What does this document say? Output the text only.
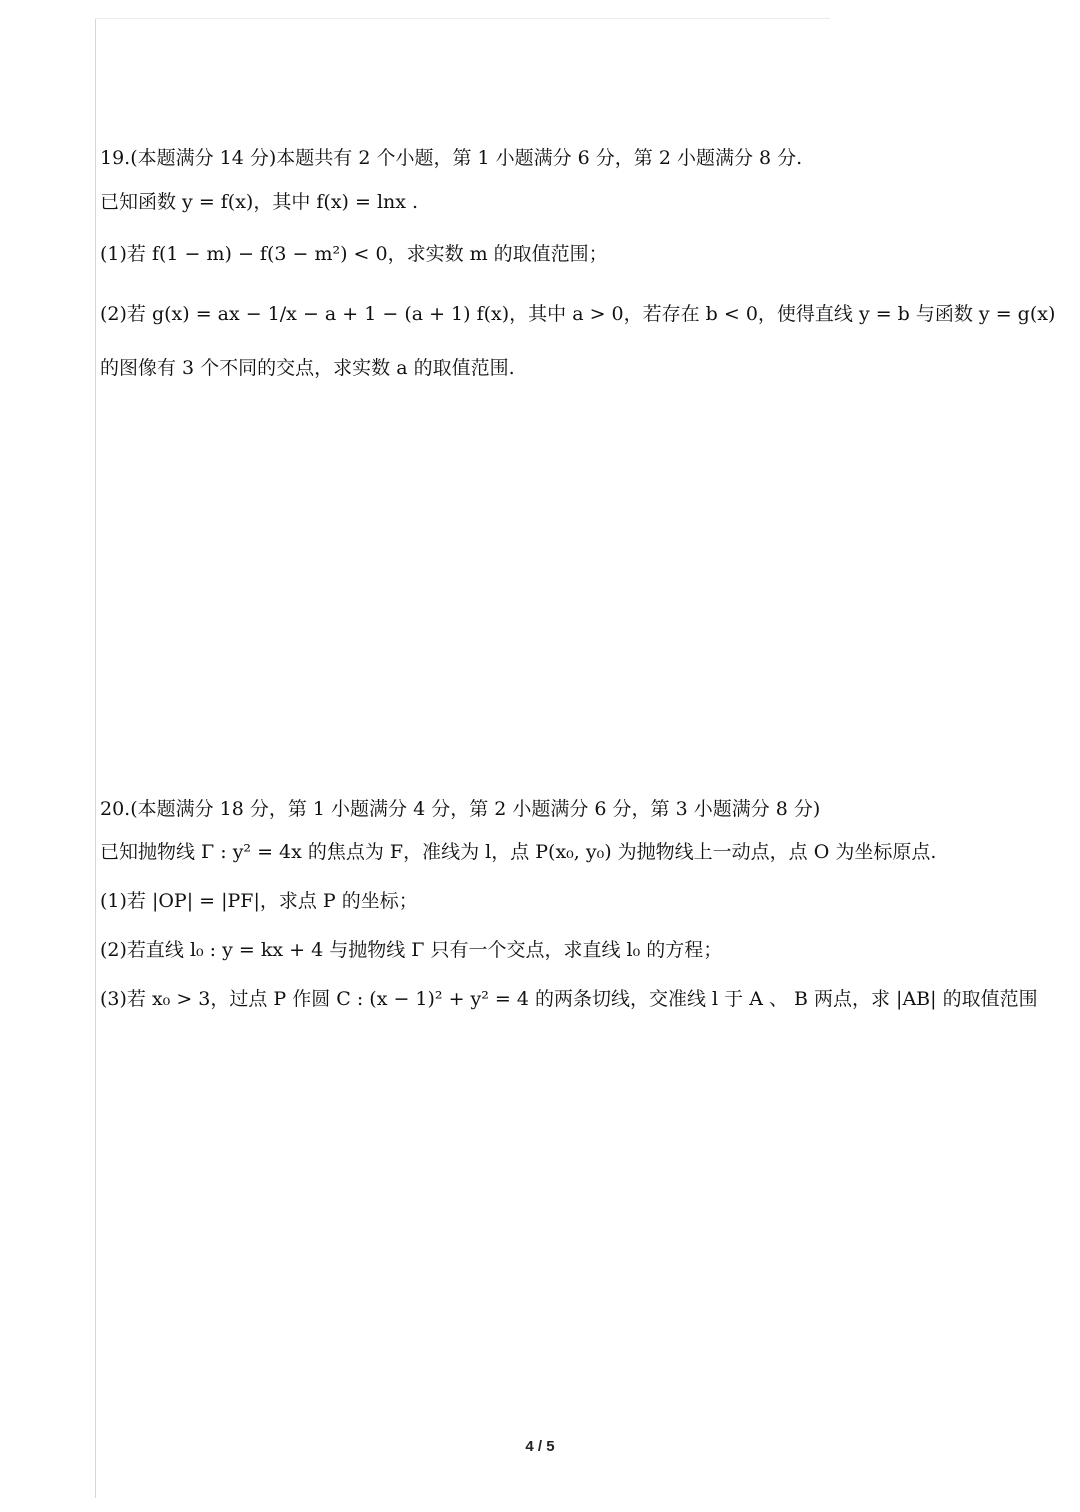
19.(本题满分 14 分)本题共有 2 个小题，第 1 小题满分 6 分，第 2 小题满分 8 分.
已知函数 y = f(x)，其中 f(x) = lnx .
(1)若 f(1 − m) − f(3 − m²) < 0，求实数 m 的取值范围；
(2)若 g(x) = ax − 1/x − a + 1 − (a + 1) f(x)，其中 a > 0，若存在 b < 0，使得直线 y = b 与函数 y = g(x)
的图像有 3 个不同的交点，求实数 a 的取值范围.
20.(本题满分 18 分，第 1 小题满分 4 分，第 2 小题满分 6 分，第 3 小题满分 8 分)
已知抛物线 Γ : y² = 4x 的焦点为 F，准线为 l，点 P(x₀, y₀) 为抛物线上一动点，点 O 为坐标原点.
(1)若 |OP| = |PF|，求点 P 的坐标；
(2)若直线 l₀ : y = kx + 4 与抛物线 Γ 只有一个交点，求直线 l₀ 的方程；
(3)若 x₀ > 3，过点 P 作圆 C : (x − 1)² + y² = 4 的两条切线，交准线 l 于 A 、 B 两点，求 |AB| 的取值范围
4 / 5
